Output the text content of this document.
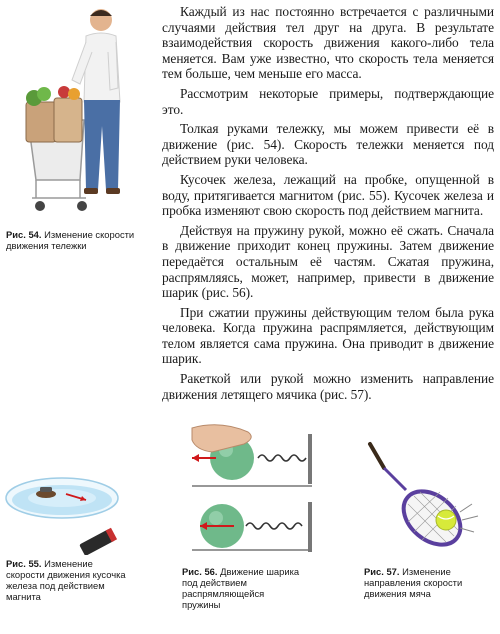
Каждый из нас постоянно встречается с различными случаями действия тел друг на друга. В результате взаимодействия скорость движения какого-либо тела меняется. Вам уже известно, что скорость тела меняется тем больше, чем меньше его масса.

Рассмотрим некоторые примеры, подтверждающие это.

Толкая руками тележку, мы можем привести её в движение (рис. 54). Скорость тележки меняется под действием руки человека.

Кусочек железа, лежащий на пробке, опущенной в воду, притягивается магнитом (рис. 55). Кусочек железа и пробка изменяют свою скорость под действием магнита.

Действуя на пружину рукой, можно её сжать. Сначала в движение приходит конец пружины. Затем движение передаётся остальным её частям. Сжатая пружина, распрямляясь, может, например, привести в движение шарик (рис. 56).

При сжатии пружины действующим телом была рука человека. Когда пружина распрямляется, действующим телом является сама пружина. Она приводит в движение шарик.

Ракеткой или рукой можно изменить направление движения летящего мячика (рис. 57).

Рис. 54. Изменение скорости движения тележки
Рис. 55. Изменение скорости движения кусочка железа под действием магнита
Рис. 56. Движение шарика под действием распрямляющейся пружины
Рис. 57. Изменение направления скорости движения мяча
